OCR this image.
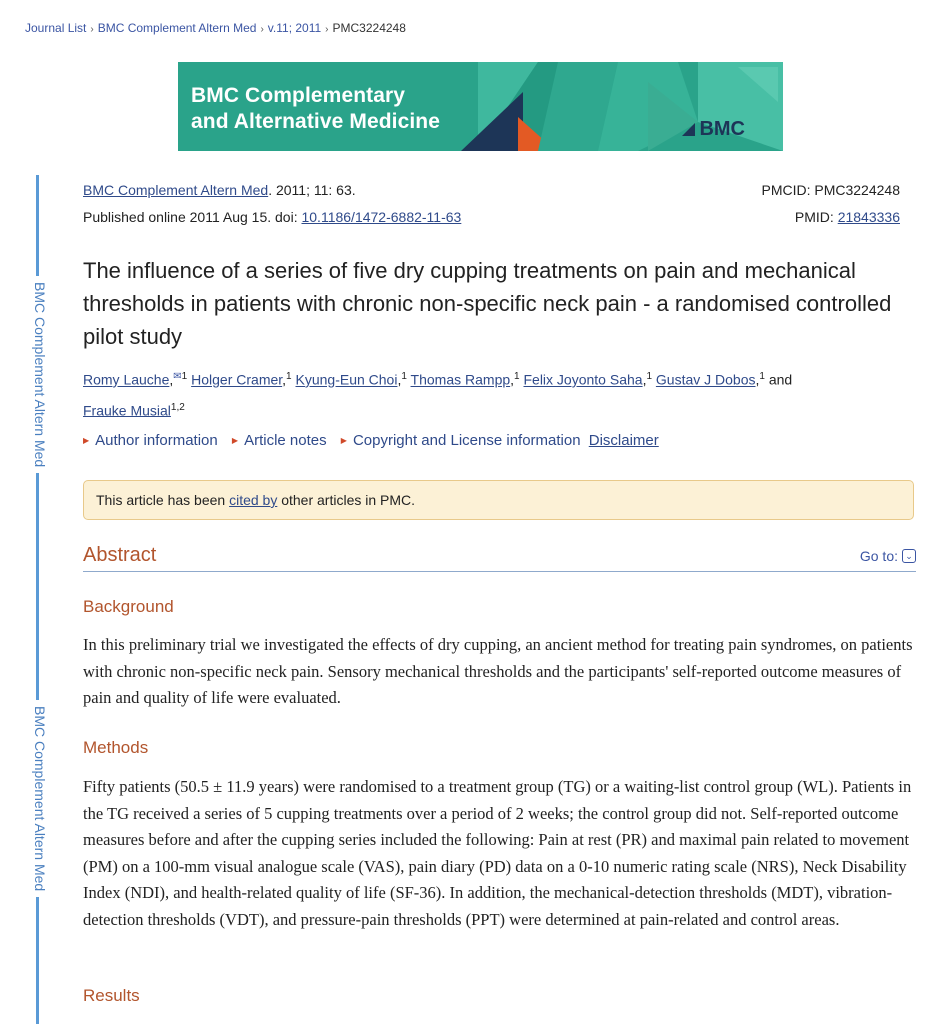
Journal List › BMC Complement Altern Med › v.11; 2011 › PMC3224248
BMC Complementary
and Alternative Medicine	BMC
BMC Complement Altern Med
BMC Complement Altern Med
BMC Complement Altern Med. 2011; 11: 63.
Published online 2011 Aug 15. doi: 10.1186/1472-6882-11-63
PMCID: PMC3224248
PMID: 21843336
The influence of a series of five dry cupping treatments on pain and mechanical thresholds in patients with chronic non-specific neck pain - a randomised controlled pilot study
Romy Lauche,✉$^1$ Holger Cramer,$^1$ Kyung-Eun Choi,$^1$ Thomas Rampp,$^1$ Felix Joyonto Saha,$^1$ Gustav J Dobos,$^1$ and
Frauke Musial$^{1,2}$
▶ Author information ▶ Article notes ▶ Copyright and License information Disclaimer
This article has been cited by other articles in PMC.
Abstract	Go to: ⌄
Background

In this preliminary trial we investigated the effects of dry cupping, an ancient method for treating pain syndromes, on patients with chronic non-specific neck pain. Sensory mechanical thresholds and the participants' self-reported outcome measures of pain and quality of life were evaluated.

Methods

Fifty patients (50.5 ± 11.9 years) were randomised to a treatment group (TG) or a waiting-list control group (WL). Patients in the TG received a series of 5 cupping treatments over a period of 2 weeks; the control group did not. Self-reported outcome measures before and after the cupping series included the following: Pain at rest (PR) and maximal pain related to movement (PM) on a 100-mm visual analogue scale (VAS), pain diary (PD) data on a 0-10 numeric rating scale (NRS), Neck Disability Index (NDI), and health-related quality of life (SF-36). In addition, the mechanical-detection thresholds (MDT), vibration-detection thresholds (VDT), and pressure-pain thresholds (PPT) were determined at pain-related and control areas.

Results
